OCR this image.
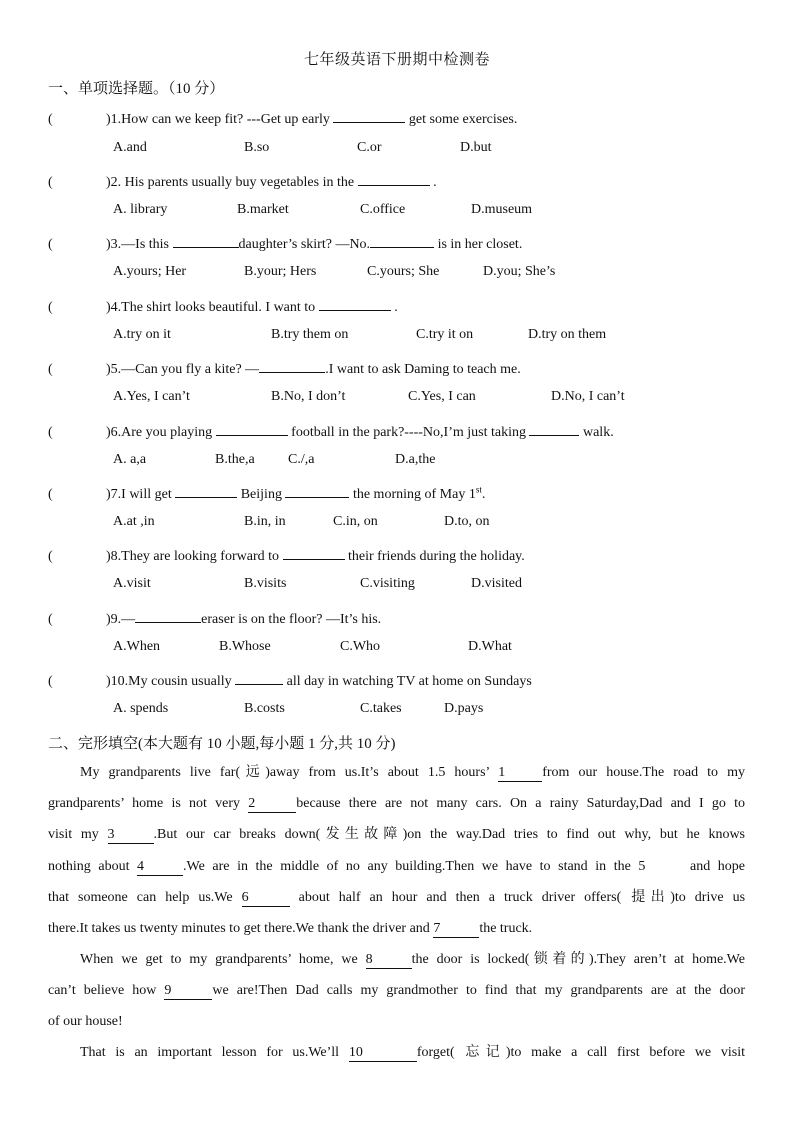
七年级英语下册期中检测卷
一、单项选择题。（10 分）
(	)1.How can we keep fit? ---Get up early	get some exercises.
A.and	B.so	C.or	D.but
(	)2. His parents usually buy vegetables in the	.
A. library	B.market	C.office	D.museum
(	)3.—Is this	daughter’s skirt? —No.	is in her closet.
A.yours; Her	B.your; Hers	C.yours; She	D.you; She’s
(	)4.The shirt looks beautiful. I want to	.
A.try on it	B.try them on	C.try it on	D.try on them
(	)5.—Can you fly a kite? —	.I want to ask Daming to teach me.
A.Yes, I can’t	B.No, I don’t	C.Yes, I can	D.No, I can’t
(	)6.Are you playing	football in the park?----No,I’m just taking	walk.
A. a,a	B.the,a C./,a	D.a,the
(	)7.I will get	Beijing	the morning of May 1st.
A.at ,in	B.in, in	C.in, on	D.to, on
(	)8.They are looking forward to	their friends during the holiday.
A.visit	B.visits	C.visiting	D.visited
(	)9.—	eraser is on the floor? —It’s his.
A.When	B.Whose	C.Who	D.What
(	)10.My cousin usually	all day in watching TV at home on Sundays
A. spends	B.costs	C.takes	D.pays
二、完形填空(本大题有 10 小题,每小题 1 分,共 10 分)
My grandparents live far(远)away from us.It’s about 1.5 hours’ 1	from our house.The road to my
grandparents’ home is not very 2	because there are not many cars. On a rainy Saturday,Dad and I go to
visit my 3	.But our car breaks down(发生故障)on the way.Dad tries to find out why, but he knows
nothing about 4	.We are in the middle of no any building.Then we have to stand in the 5	and hope
that someone can help us.We 6	about half an hour and then a truck driver offers( 提出)to drive us
there.It takes us twenty minutes to get there.We thank the driver and 7	the truck.
When we get to my grandparents’ home, we 8	the door is locked(锁着的).They aren’t at home.We
can’t believe how 9	we are!Then Dad calls my grandmother to find that my grandparents are at the door
of our house!
That is an important lesson for us.We’ll 10	forget( 忘记)to make a call first before we visit
